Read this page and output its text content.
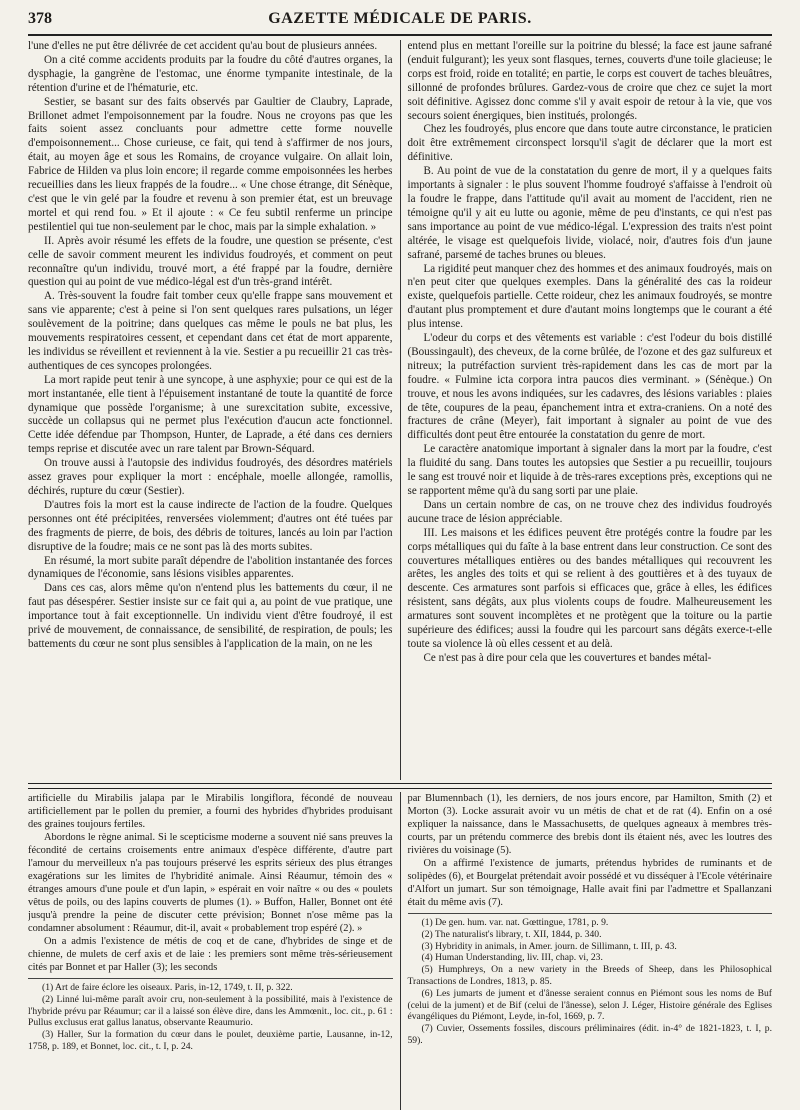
378	GAZETTE MÉDICALE DE PARIS.

l'une d'elles ne put être délivrée de cet accident qu'au bout de plusieurs années.

On a cité comme accidents produits par la foudre du côté d'autres organes, la dysphagie, la gangrène de l'estomac, une énorme tympanite intestinale, de la rétention d'urine et de l'hématurie, etc.

Sestier, se basant sur des faits observés par Gaultier de Claubry, Laprade, Brillonet admet l'empoisonnement par la foudre. Nous ne croyons pas que les faits soient assez concluants pour admettre cette forme nouvelle d'empoisonnement... Chose curieuse, ce fait, qui tend à s'affirmer de nos jours, était, au moyen âge et sous les Romains, de croyance vulgaire. On allait loin, Fabrice de Hilden va plus loin encore; il regarde comme empoisonnées les herbes recueillies dans les lieux frappés de la foudre... « Une chose étrange, dit Sénèque, c'est que le vin gelé par la foudre et revenu à son premier état, est un breuvage mortel et qui rend fou. » Et il ajoute : « Ce feu subtil renferme un principe pestilentiel qui tue non-seulement par le choc, mais par la simple exhalation. »

II. Après avoir résumé les effets de la foudre, une question se présente, c'est celle de savoir comment meurent les individus foudroyés, et comment on peut reconnaître qu'un individu, trouvé mort, a été frappé par la foudre, dernière question qui au point de vue médico-légal est d'un très-grand intérêt.

A. Très-souvent la foudre fait tomber ceux qu'elle frappe sans mouvement et sans vie apparente; c'est à peine si l'on sent quelques rares pulsations, un léger soulèvement de la poitrine; dans quelques cas même le pouls ne bat plus, les mouvements respiratoires cessent, et cependant dans cet état de mort apparente, les individus se réveillent et reviennent à la vie. Sestier a pu recueillir 21 cas très-authentiques de ces syncopes prolongées.

La mort rapide peut tenir à une syncope, à une asphyxie; pour ce qui est de la mort instantanée, elle tient à l'épuisement instantané de toute la quantité de force dynamique que possède l'organisme; à une surexcitation subite, excessive, succède un collapsus qui ne permet plus l'exécution d'aucun acte fonctionnel. Cette idée défendue par Thompson, Hunter, de Laprade, a été dans ces derniers temps reprise et discutée avec un rare talent par Brown-Séquard.

On trouve aussi à l'autopsie des individus foudroyés, des désordres matériels assez graves pour expliquer la mort : encéphale, moelle allongée, ramollis, déchirés, rupture du cœur (Sestier).

D'autres fois la mort est la cause indirecte de l'action de la foudre. Quelques personnes ont été précipitées, renversées violemment; d'autres ont été tuées par des fragments de pierre, de bois, des débris de toitures, lancés au loin par l'action disruptive de la foudre; mais ce ne sont pas là des morts subites.

En résumé, la mort subite paraît dépendre de l'abolition instantanée des forces dynamiques de l'économie, sans lésions visibles apparentes.

Dans ces cas, alors même qu'on n'entend plus les battements du cœur, il ne faut pas désespérer. Sestier insiste sur ce fait qui a, au point de vue pratique, une importance tout à fait exceptionnelle. Un individu vient d'être foudroyé, il est privé de mouvement, de connaissance, de sensibilité, de respiration, de pouls; les battements du cœur ne sont plus sensibles à l'application de la main, on ne les

entend plus en mettant l'oreille sur la poitrine du blessé; la face est jaune safrané (enduit fulgurant); les yeux sont flasques, ternes, couverts d'une toile glacieuse; le corps est froid, roide en totalité; en partie, le corps est couvert de taches bleuâtres, sillonné de profondes brûlures. Gardez-vous de croire que chez ce sujet la mort soit définitive. Agissez donc comme s'il y avait espoir de retour à la vie, que vos secours soient énergiques, bien institués, prolongés.

Chez les foudroyés, plus encore que dans toute autre circonstance, le praticien doit être extrêmement circonspect lorsqu'il s'agit de déclarer que la mort est définitive.

B. Au point de vue de la constatation du genre de mort, il y a quelques faits importants à signaler : le plus souvent l'homme foudroyé s'affaisse à l'endroit où la foudre le frappe, dans l'attitude qu'il avait au moment de l'accident, rien ne témoigne qu'il y ait eu lutte ou agonie, même de peu d'instants, ce qui n'est pas sans importance au point de vue médico-légal. L'expression des traits n'est point altérée, le visage est quelquefois livide, violacé, noir, d'autres fois d'un jaune safrané, parsemé de taches brunes ou bleues.

La rigidité peut manquer chez des hommes et des animaux foudroyés, mais on n'en peut citer que quelques exemples. Dans la généralité des cas la roideur existe, quelquefois partielle. Cette roideur, chez les animaux foudroyés, se montre d'autant plus promptement et dure d'autant moins longtemps que le courant a été plus intense.

L'odeur du corps et des vêtements est variable : c'est l'odeur du bois distillé (Boussingault), des cheveux, de la corne brûlée, de l'ozone et des gaz sulfureux et nitreux; la putréfaction survient très-rapidement dans les cas de mort par la foudre. « Fulmine icta corpora intra paucos dies verminant. » (Sénèque.) On trouve, et nous les avons indiquées, sur les cadavres, des lésions variables : plaies de tête, coupures de la peau, épanchement intra et extra-craniens. On a noté des fractures de crâne (Meyer), fait important à signaler au point de vue des difficultés dont peut être entourée la constatation du genre de mort.

Le caractère anatomique important à signaler dans la mort par la foudre, c'est la fluidité du sang. Dans toutes les autopsies que Sestier a pu recueillir, toujours le sang est trouvé noir et liquide à de très-rares exceptions près, exceptions qui ne se rapportent même qu'à du sang sorti par une plaie.

Dans un certain nombre de cas, on ne trouve chez des individus foudroyés aucune trace de lésion appréciable.

III. Les maisons et les édifices peuvent être protégés contre la foudre par les corps métalliques qui du faîte à la base entrent dans leur construction. Ce sont des couvertures métalliques entières ou des bandes métalliques qui recouvrent les arêtes, les angles des toits et qui se relient à des gouttières et à des tuyaux de descente. Ces armatures sont parfois si efficaces que, grâce à elles, les édifices résistent, sans dégâts, aux plus violents coups de foudre. Malheureusement les armatures sont souvent incomplètes et ne protègent que la toiture ou la partie supérieure des édifices; aussi la foudre qui les parcourt sans dégâts exerce-t-elle toute sa violence là où elles cessent et au delà.

Ce n'est pas à dire pour cela que les couvertures et bandes métal-

artificielle du Mirabilis jalapa par le Mirabilis longiflora, fécondé de nouveau artificiellement par le pollen du premier, a fourni des hybrides d'hybrides produisant des graines toujours fertiles.

Abordons le règne animal. Si le scepticisme moderne a souvent nié sans preuves la fécondité de certains croisements entre animaux d'espèce différente, d'autre part l'amour du merveilleux n'a pas toujours préservé les esprits sérieux des plus étranges exagérations sur les limites de l'hybridité animale. Ainsi Réaumur, témoin des « étranges amours d'une poule et d'un lapin, » espérait en voir naître « ou des « poulets vêtus de poils, ou des lapins couverts de plumes (1). » Buffon, Haller, Bonnet ont été jusqu'à prendre la peine de discuter cette prévision; Bonnet n'ose même pas la condamner absolument : Réaumur, dit-il, avait « probablement trop espéré (2). »

On a admis l'existence de métis de coq et de cane, d'hybrides de singe et de chienne, de mulets de cerf axis et de laie : les premiers sont même très-sérieusement cités par Bonnet et par Haller (3); les seconds

(1) Art de faire éclore les oiseaux. Paris, in-12, 1749, t. II, p. 322.

(2) Linné lui-même paraît avoir cru, non-seulement à la possibilité, mais à l'existence de l'hybride prévu par Réaumur; car il a laissé son élève dire, dans les Ammœnit., loc. cit., p. 61 : Pullus exclusus erat gallus lanatus, observante Reaumurio.

(3) Haller, Sur la formation du cœur dans le poulet, deuxième partie, Lausanne, in-12, 1758, p. 189, et Bonnet, loc. cit., t. I, p. 24.

par Blumennbach (1), les derniers, de nos jours encore, par Hamilton, Smith (2) et Morton (3). Locke assurait avoir vu un métis de chat et de rat (4). Enfin on a osé expliquer la naissance, dans le Massachusetts, de quelques agneaux à membres très-courts, par un prétendu commerce des brebis dont ils étaient nés, avec les loutres des rivières du voisinage (5).

On a affirmé l'existence de jumarts, prétendus hybrides de ruminants et de solipèdes (6), et Bourgelat prétendait avoir possédé et vu disséquer à l'Ecole vétérinaire d'Alfort un jumart. Sur son témoignage, Halle avait fini par l'admettre et Spallanzani était du même avis (7).

(1) De gen. hum. var. nat. Gœttingue, 1781, p. 9.

(2) The naturalist's library, t. XII, 1844, p. 340.

(3) Hybridity in animals, in Amer. journ. de Sillimann, t. III, p. 43.

(4) Human Understanding, liv. III, chap. vi, 23.

(5) Humphreys, On a new variety in the Breeds of Sheep, dans les Philosophical Transactions de Londres, 1813, p. 85.

(6) Les jumarts de jument et d'ânesse seraient connus en Piémont sous les noms de Buf (celui de la jument) et de Bif (celui de l'ânesse), selon J. Léger, Histoire générale des Eglises évangéliques du Piémont, Leyde, in-fol, 1669, p. 7.

(7) Cuvier, Ossements fossiles, discours préliminaires (édit. in-4° de 1821-1823, t. I, p. 59).
